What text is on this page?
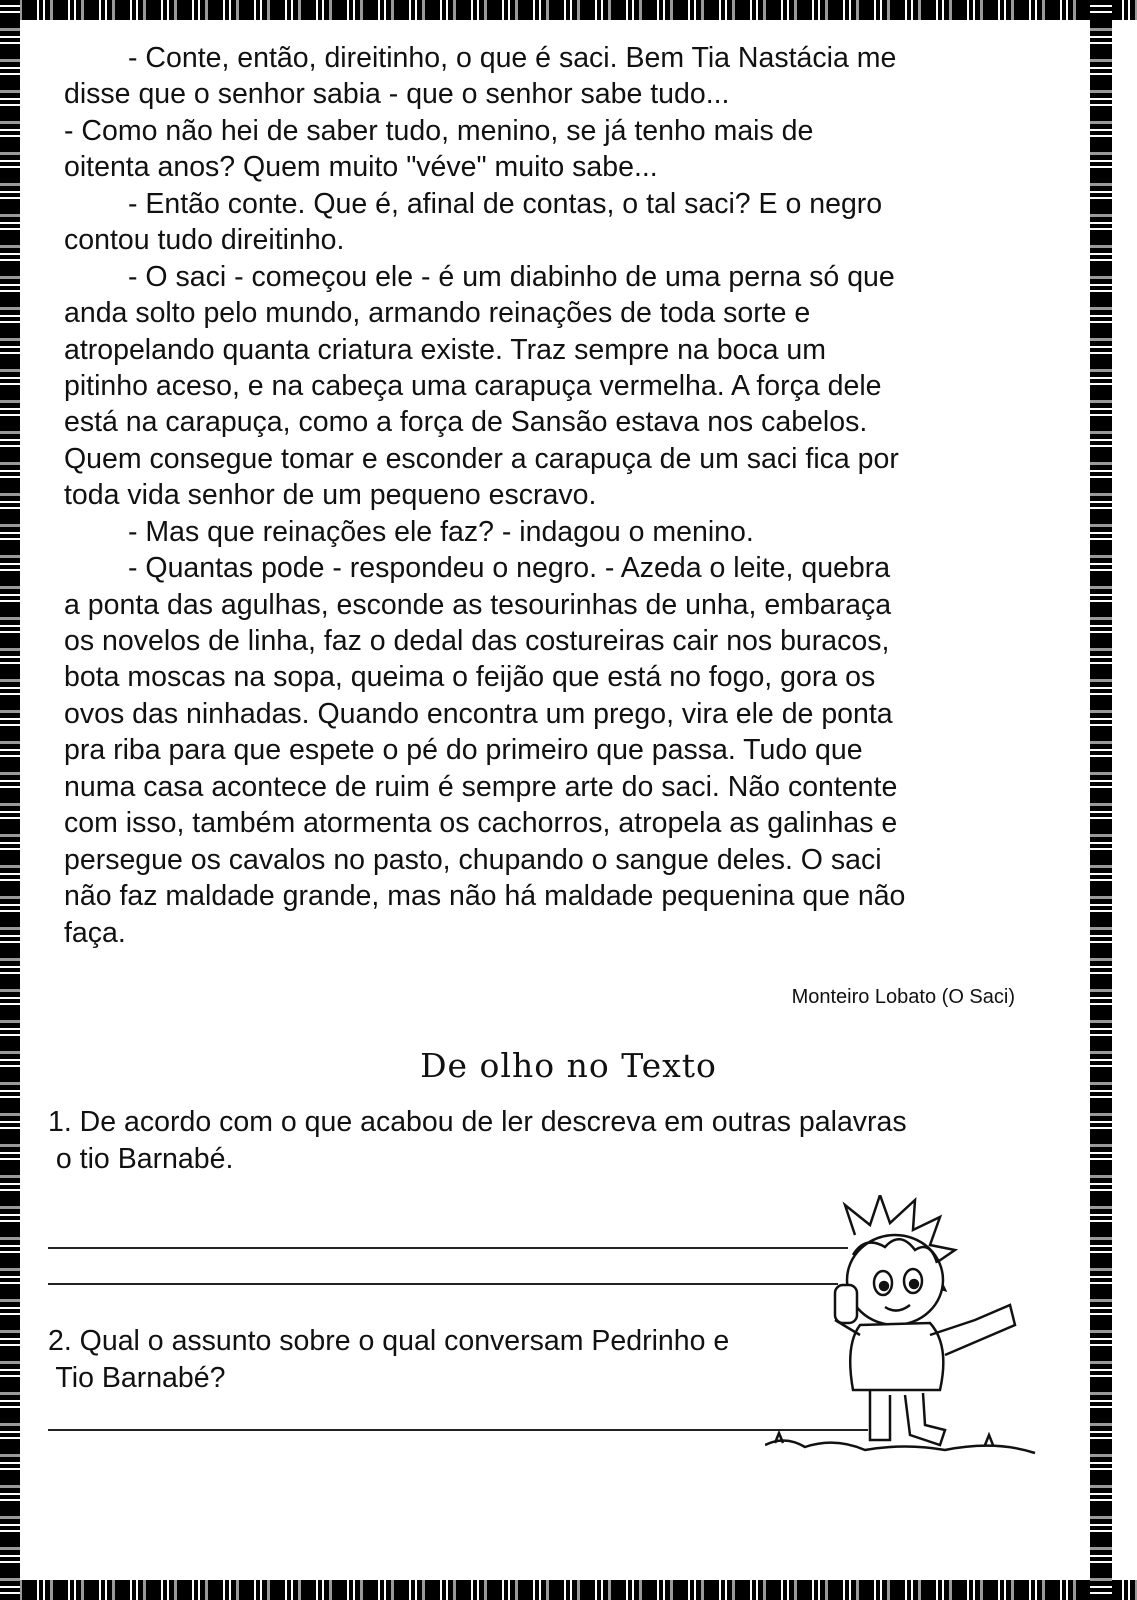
- Conte, então, direitinho, o que é saci. Bem Tia Nastácia me
disse que o senhor sabia - que o senhor sabe tudo...
- Como não hei de saber tudo, menino, se já tenho mais de
oitenta anos? Quem muito "véve" muito sabe...
- Então conte. Que é, afinal de contas, o tal saci? E o negro
contou tudo direitinho.
- O saci - começou ele - é um diabinho de uma perna só que
anda solto pelo mundo, armando reinações de toda sorte e
atropelando quanta criatura existe. Traz sempre na boca um
pitinho aceso, e na cabeça uma carapuça vermelha. A força dele
está na carapuça, como a força de Sansão estava nos cabelos.
Quem consegue tomar e esconder a carapuça de um saci fica por
toda vida senhor de um pequeno escravo.
- Mas que reinações ele faz? - indagou o menino.
- Quantas pode - respondeu o negro. - Azeda o leite, quebra
a ponta das agulhas, esconde as tesourinhas de unha, embaraça
os novelos de linha, faz o dedal das costureiras cair nos buracos,
bota moscas na sopa, queima o feijão que está no fogo, gora os
ovos das ninhadas. Quando encontra um prego, vira ele de ponta
pra riba para que espete o pé do primeiro que passa. Tudo que
numa casa acontece de ruim é sempre arte do saci. Não contente
com isso, também atormenta os cachorros, atropela as galinhas e
persegue os cavalos no pasto, chupando o sangue deles. O saci
não faz maldade grande, mas não há maldade pequenina que não
faça.
Monteiro Lobato (O Saci)
De olho no Texto
1. De acordo com o que acabou de ler descreva em outras palavras
o tio Barnabé.
2. Qual o assunto sobre o qual conversam Pedrinho e
Tio Barnabé?
